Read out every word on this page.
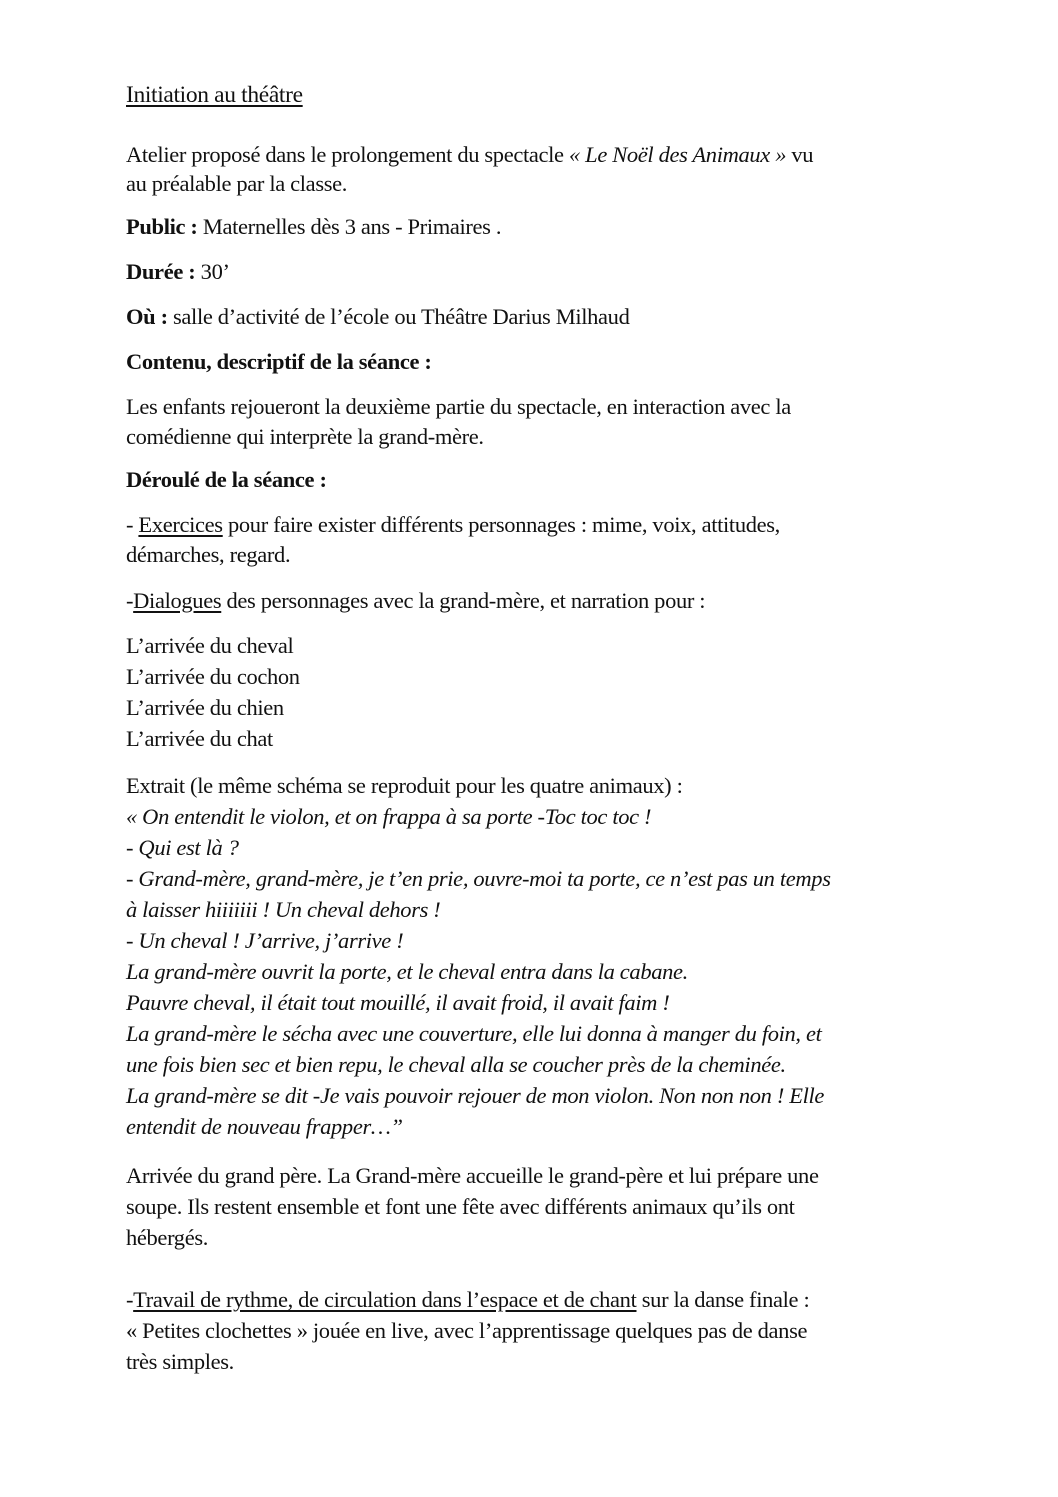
Initiation au théâtre
Atelier proposé dans le prolongement du spectacle « Le Noël des Animaux » vu
au préalable par la classe.
Public : Maternelles dès 3 ans - Primaires .
Durée : 30’
Où : salle d’activité de l’école ou Théâtre Darius Milhaud
Contenu, descriptif de la séance :
Les enfants rejoueront la deuxième partie du spectacle, en interaction avec la
comédienne qui interprète la grand-mère.
Déroulé de la séance :
- Exercices pour faire exister différents personnages : mime, voix, attitudes,
démarches, regard.
-Dialogues des personnages avec la grand-mère, et narration pour :
L’arrivée du cheval
L’arrivée du cochon
L’arrivée du chien
L’arrivée du chat
Extrait (le même schéma se reproduit pour les quatre animaux) :
« On entendit le violon, et on frappa à sa porte -Toc toc toc !
- Qui est là ?
- Grand-mère, grand-mère, je t’en prie, ouvre-moi ta porte, ce n’est pas un temps
à laisser hiiiiiii ! Un cheval dehors !
- Un cheval ! J’arrive, j’arrive !
La grand-mère ouvrit la porte, et le cheval entra dans la cabane.
Pauvre cheval, il était tout mouillé, il avait froid, il avait faim !
La grand-mère le sécha avec une couverture, elle lui donna à manger du foin, et
une fois bien sec et bien repu, le cheval alla se coucher près de la cheminée.
La grand-mère se dit -Je vais pouvoir rejouer de mon violon. Non non non ! Elle
entendit de nouveau frapper…”
Arrivée du grand père. La Grand-mère accueille le grand-père et lui prépare une
soupe. Ils restent ensemble et font une fête avec différents animaux qu’ils ont
hébergés.
-Travail de rythme, de circulation dans l’espace et de chant sur la danse finale :
« Petites clochettes » jouée en live, avec l’apprentissage quelques pas de danse
très simples.
